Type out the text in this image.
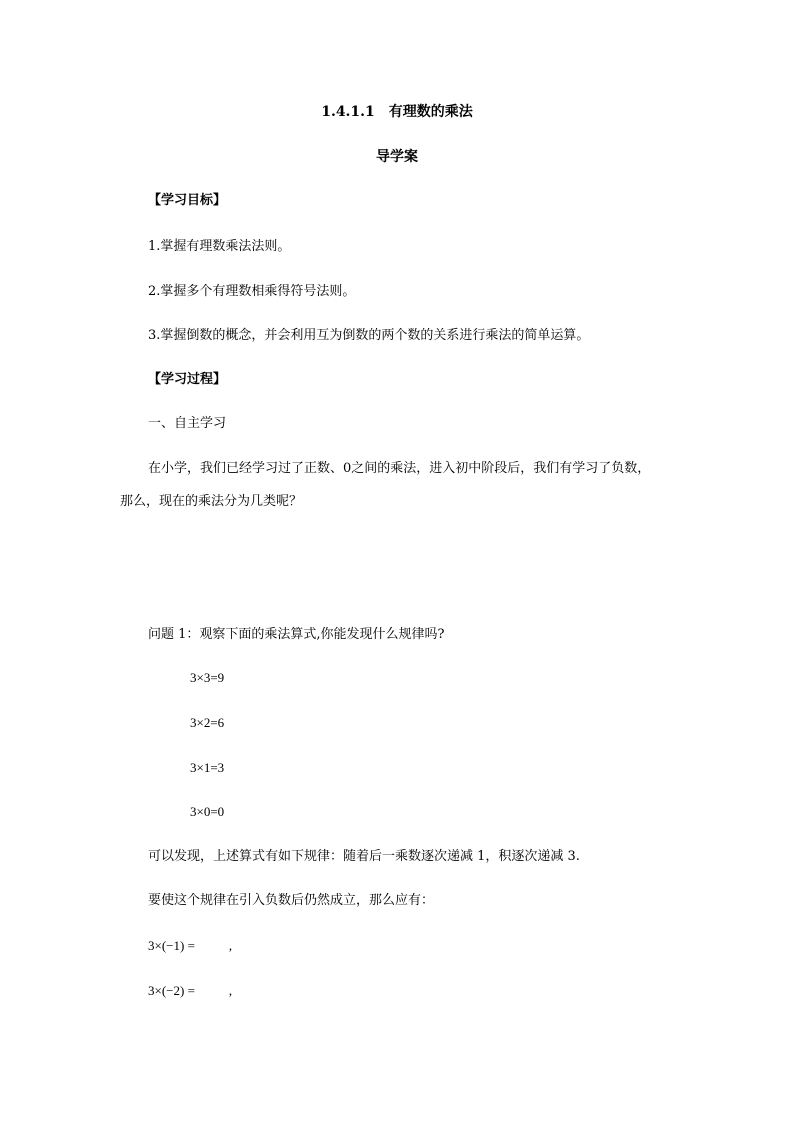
1.4.1.1 有理数的乘法
导学案
【学习目标】
1.掌握有理数乘法法则。
2.掌握多个有理数相乘得符号法则。
3.掌握倒数的概念，并会利用互为倒数的两个数的关系进行乘法的简单运算。
【学习过程】
一、自主学习
在小学，我们已经学习过了正数、0之间的乘法，进入初中阶段后，我们有学习了负数，
那么，现在的乘法分为几类呢？
问题 1：观察下面的乘法算式,你能发现什么规律吗?
3×3=9
3×2=6
3×1=3
3×0=0
可以发现，上述算式有如下规律：随着后一乘数逐次递减 1，积逐次递减 3.
要使这个规律在引入负数后仍然成立，那么应有：
3×(−1) =	,
3×(−2) =	,
